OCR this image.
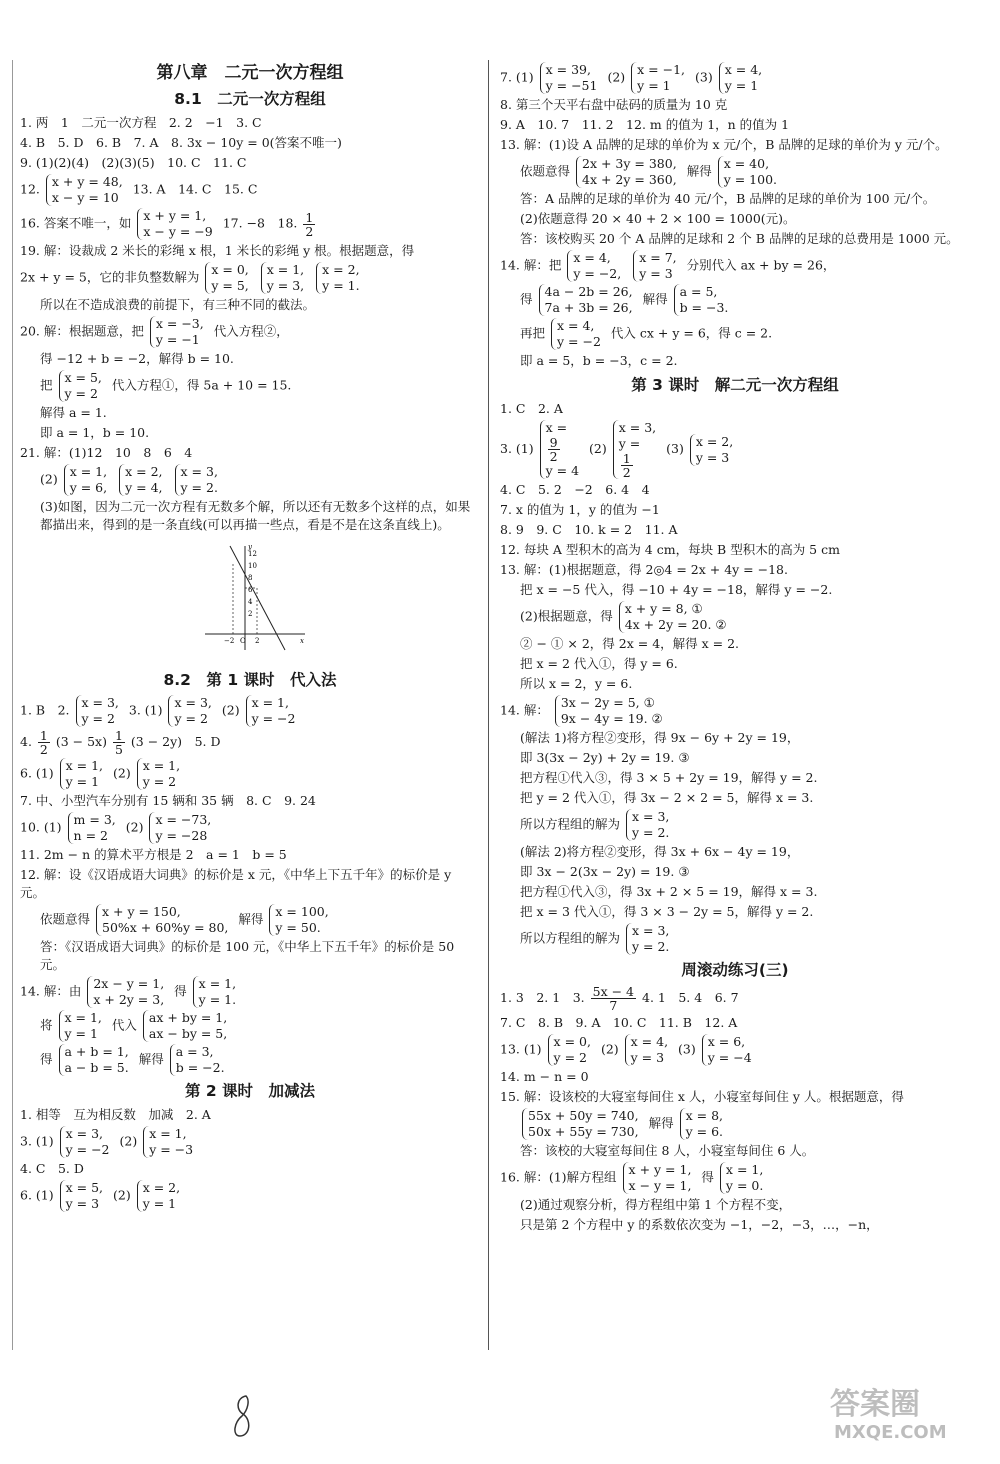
第八章　二元一次方程组
8.1　二元一次方程组
1. 两　1　二元一次方程　2. 2　−1　3. C
4. B　5. D　6. B　7. A　8. 3x − 10y = 0(答案不唯一)
9. (1)(2)(4)　(2)(3)(5)　10. C　11. C
12. x + y = 48,
x − y = 10
13. A　14. C　15. C
16. 答案不唯一，如 x + y = 1,
x − y = −9
17. −8　18. $\frac{1}{2}$
19. 解：设裁成 2 米长的彩绳 x 根，1 米长的彩绳 y 根。根据题意，得
2x + y = 5，它的非负整数解为 x = 0,
y = 5,

x = 1,
y = 3,

x = 2,
y = 1.
所以在不造成浪费的前提下，有三种不同的截法。
20. 解：根据题意，把 x = −3,
y = −1
代入方程②，
得 −12 + b = −2，解得 b = 10.
把 x = 5,
y = 2
代入方程①，得 5a + 10 = 15.
解得 a = 1.
即 a = 1，b = 10.
21. 解：(1)12　10　8　6　4
(2) x = 1,
y = 6,

x = 2,
y = 4,

x = 3,
y = 2.
(3)如图，因为二元一次方程有无数多个解，所以还有无数多个这样的点，如果都描出来，得到的是一条直线(可以再描一些点，看是不是在这条直线上)。
12
10
8
6
4
2
−2 O 2	x
y
8.2　第 1 课时　代入法
1. B　2. x = 3,
y = 2
3. (1) x = 3,
y = 2
(2) x = 1,
y = −2
4. $\frac{1}{2} (3 - 5x) \frac{1}{5} (3 - 2y)$　5. D
6. (1) x = 1,
y = 1
(2) x = 1,
y = 2
7. 中、小型汽车分别有 15 辆和 35 辆　8. C　9. 24
10. (1) m = 3,
n = 2
(2) x = −73,
y = −28
11. 2m − n 的算术平方根是 2　a = 1　b = 5
12. 解：设《汉语成语大词典》的标价是 x 元，《中华上下五千年》的标价是 y 元。
依题意得 x + y = 150,
50%x + 60%y = 80,
解得 x = 100,
y = 50.
答：《汉语成语大词典》的标价是 100 元，《中华上下五千年》的标价是 50 元。
14. 解：由 2x − y = 1,
x + 2y = 3,
得 x = 1,
y = 1.
将 x = 1,
y = 1
代入 ax + by = 1,
ax − by = 5,
得 a + b = 1,
a − b = 5.
解得 a = 3,
b = −2.
第 2 课时　加减法
1. 相等　互为相反数　加减　2. A
3. (1) x = 3,
y = −2
(2) x = 1,
y = −3
4. C　5. D
6. (1) x = 5,
y = 3
(2) x = 2,
y = 1
7. (1) x = 39,
y = −51
(2) x = −1,
y = 1
(3) x = 4,
y = 1
8. 第三个天平右盘中砝码的质量为 10 克
9. A　10. 7　11. 2　12. m 的值为 1，n 的值为 1
13. 解：(1)设 A 品牌的足球的单价为 x 元/个，B 品牌的足球的单价为 y 元/个。
依题意得 2x + 3y = 380,
4x + 2y = 360,
解得 x = 40,
y = 100.
答：A 品牌的足球的单价为 40 元/个，B 品牌的足球的单价为 100 元/个。
(2)依题意得 20 × 40 + 2 × 100 = 1000(元)。
答：该校购买 20 个 A 品牌的足球和 2 个 B 品牌的足球的总费用是 1000 元。
14. 解：把 x = 4,
y = −2,

x = 7,
y = 3
分别代入 ax + by = 26，
得 4a − 2b = 26,
7a + 3b = 26,
解得 a = 5,
b = −3.
再把 x = 4,
y = −2
代入 cx + y = 6，得 c = 2.
即 a = 5，b = −3，c = 2.
第 3 课时　解二元一次方程组
1. C　2. A
3. (1)
x =
$\frac{9}{2}$
y = 4
(2)
x = 3,
y =
$\frac{1}{2}$
(3) x = 2,
y = 3
4. C　5. 2　−2　6. 4　4
7. x 的值为 1，y 的值为 −1
8. 9　9. C　10. k = 2　11. A
12. 每块 A 型积木的高为 4 cm，每块 B 型积木的高为 5 cm
13. 解：(1)根据题意，得 2◎4 = 2x + 4y = −18.
把 x = −5 代入，得 −10 + 4y = −18，解得 y = −2.
(2)根据题意，得 x + y = 8, ①
4x + 2y = 20. ②
② − ① × 2，得 2x = 4，解得 x = 2.
把 x = 2 代入①，得 y = 6.
所以 x = 2，y = 6.
14. 解： 3x − 2y = 5, ①
9x − 4y = 19. ②
(解法 1)将方程②变形，得 9x − 6y + 2y = 19，
即 3(3x − 2y) + 2y = 19. ③
把方程①代入③，得 3 × 5 + 2y = 19，解得 y = 2.
把 y = 2 代入①，得 3x − 2 × 2 = 5，解得 x = 3.
所以方程组的解为 x = 3,
y = 2.
(解法 2)将方程②变形，得 3x + 6x − 4y = 19，
即 3x − 2(3x − 2y) = 19. ③
把方程①代入③，得 3x + 2 × 5 = 19，解得 x = 3.
把 x = 3 代入①，得 3 × 3 − 2y = 5，解得 y = 2.
所以方程组的解为 x = 3,
y = 2.
周滚动练习(三)
1. 3　2. 1　3. $\frac{5x - 4}{7} 4$. 1　5. 4　6. 7
7. C　8. B　9. A　10. C　11. B　12. A
13. (1) x = 0,
y = 2
(2) x = 4,
y = 3
(3) x = 6,
y = −4
14. m − n = 0
15. 解：设该校的大寝室每间住 x 人，小寝室每间住 y 人。根据题意，得
55x + 50y = 740,
50x + 55y = 730,
解得 x = 8,
y = 6.
答：该校的大寝室每间住 8 人，小寝室每间住 6 人。
16. 解：(1)解方程组 x + y = 1,
x − y = 1,
得 x = 1,
y = 0.
(2)通过观察分析，得方程组中第 1 个方程不变，
只是第 2 个方程中 y 的系数依次变为 −1，−2，−3，…，−n，
答案圈
MXQE.COM
